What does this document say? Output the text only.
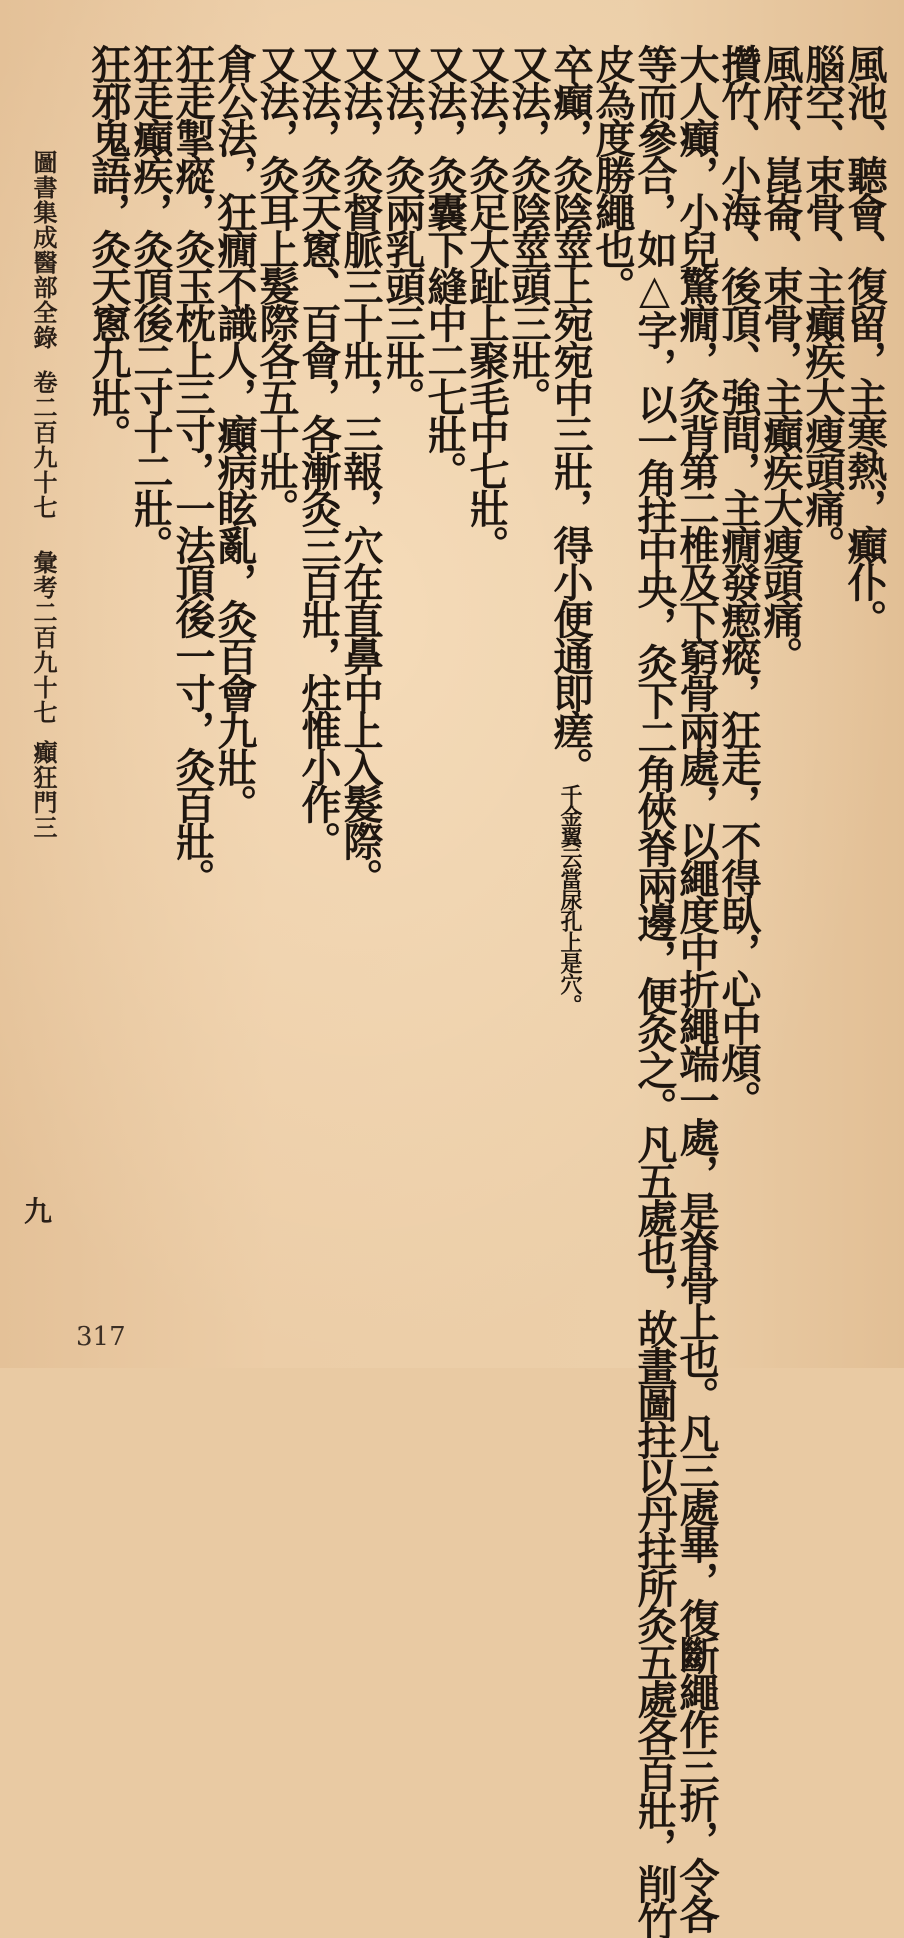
風池、聽會、復留，主寒熱，癲仆。
腦空、束骨、主癲疾大瘦頭痛。
風府、崑崙、束骨，主癲疾大瘦頭痛。
攢竹、小海、後頂、強間，主癇發瘛瘲，狂走，不得臥，心中煩。
大人癲，小兒驚癇，灸背第二椎及下窮骨兩處，以繩度中折繩端一處，是脊骨上也。凡三處畢，復斷繩作三折，令各
等而參合，如△字，以一角拄中央，灸下二角俠脊兩邊，便灸之。凡五處也，故畫圖拄以丹拄所灸五處各百壯，削竹
皮為度勝繩也。
卒癲，灸陰莖上宛宛中三壯，得小便通即瘥。千金翼云當尿孔上是穴。
又法，灸陰莖頭三壯。
又法，灸足大趾上聚毛中七壯。
又法，灸囊下縫中二七壯。
又法，灸兩乳頭三壯。
又法，灸督脈三十壯，三報，穴在直鼻中上入髮際。
又法，灸天窻、百會，各漸灸三百壯，炷惟小作。
又法，灸耳上髮際各五十壯。
倉公法，狂癇不識人，癲病眩亂，灸百會九壯。
狂走掣瘲，灸玉枕上三寸，一法頂後一寸，灸百壯。
狂走癲疾，灸頂後二寸十二壯。
狂邪鬼語，灸天窻九壯。
圖書集成醫部全錄
卷二百九十七
彙考二百九十七
癲狂門三
九
317
